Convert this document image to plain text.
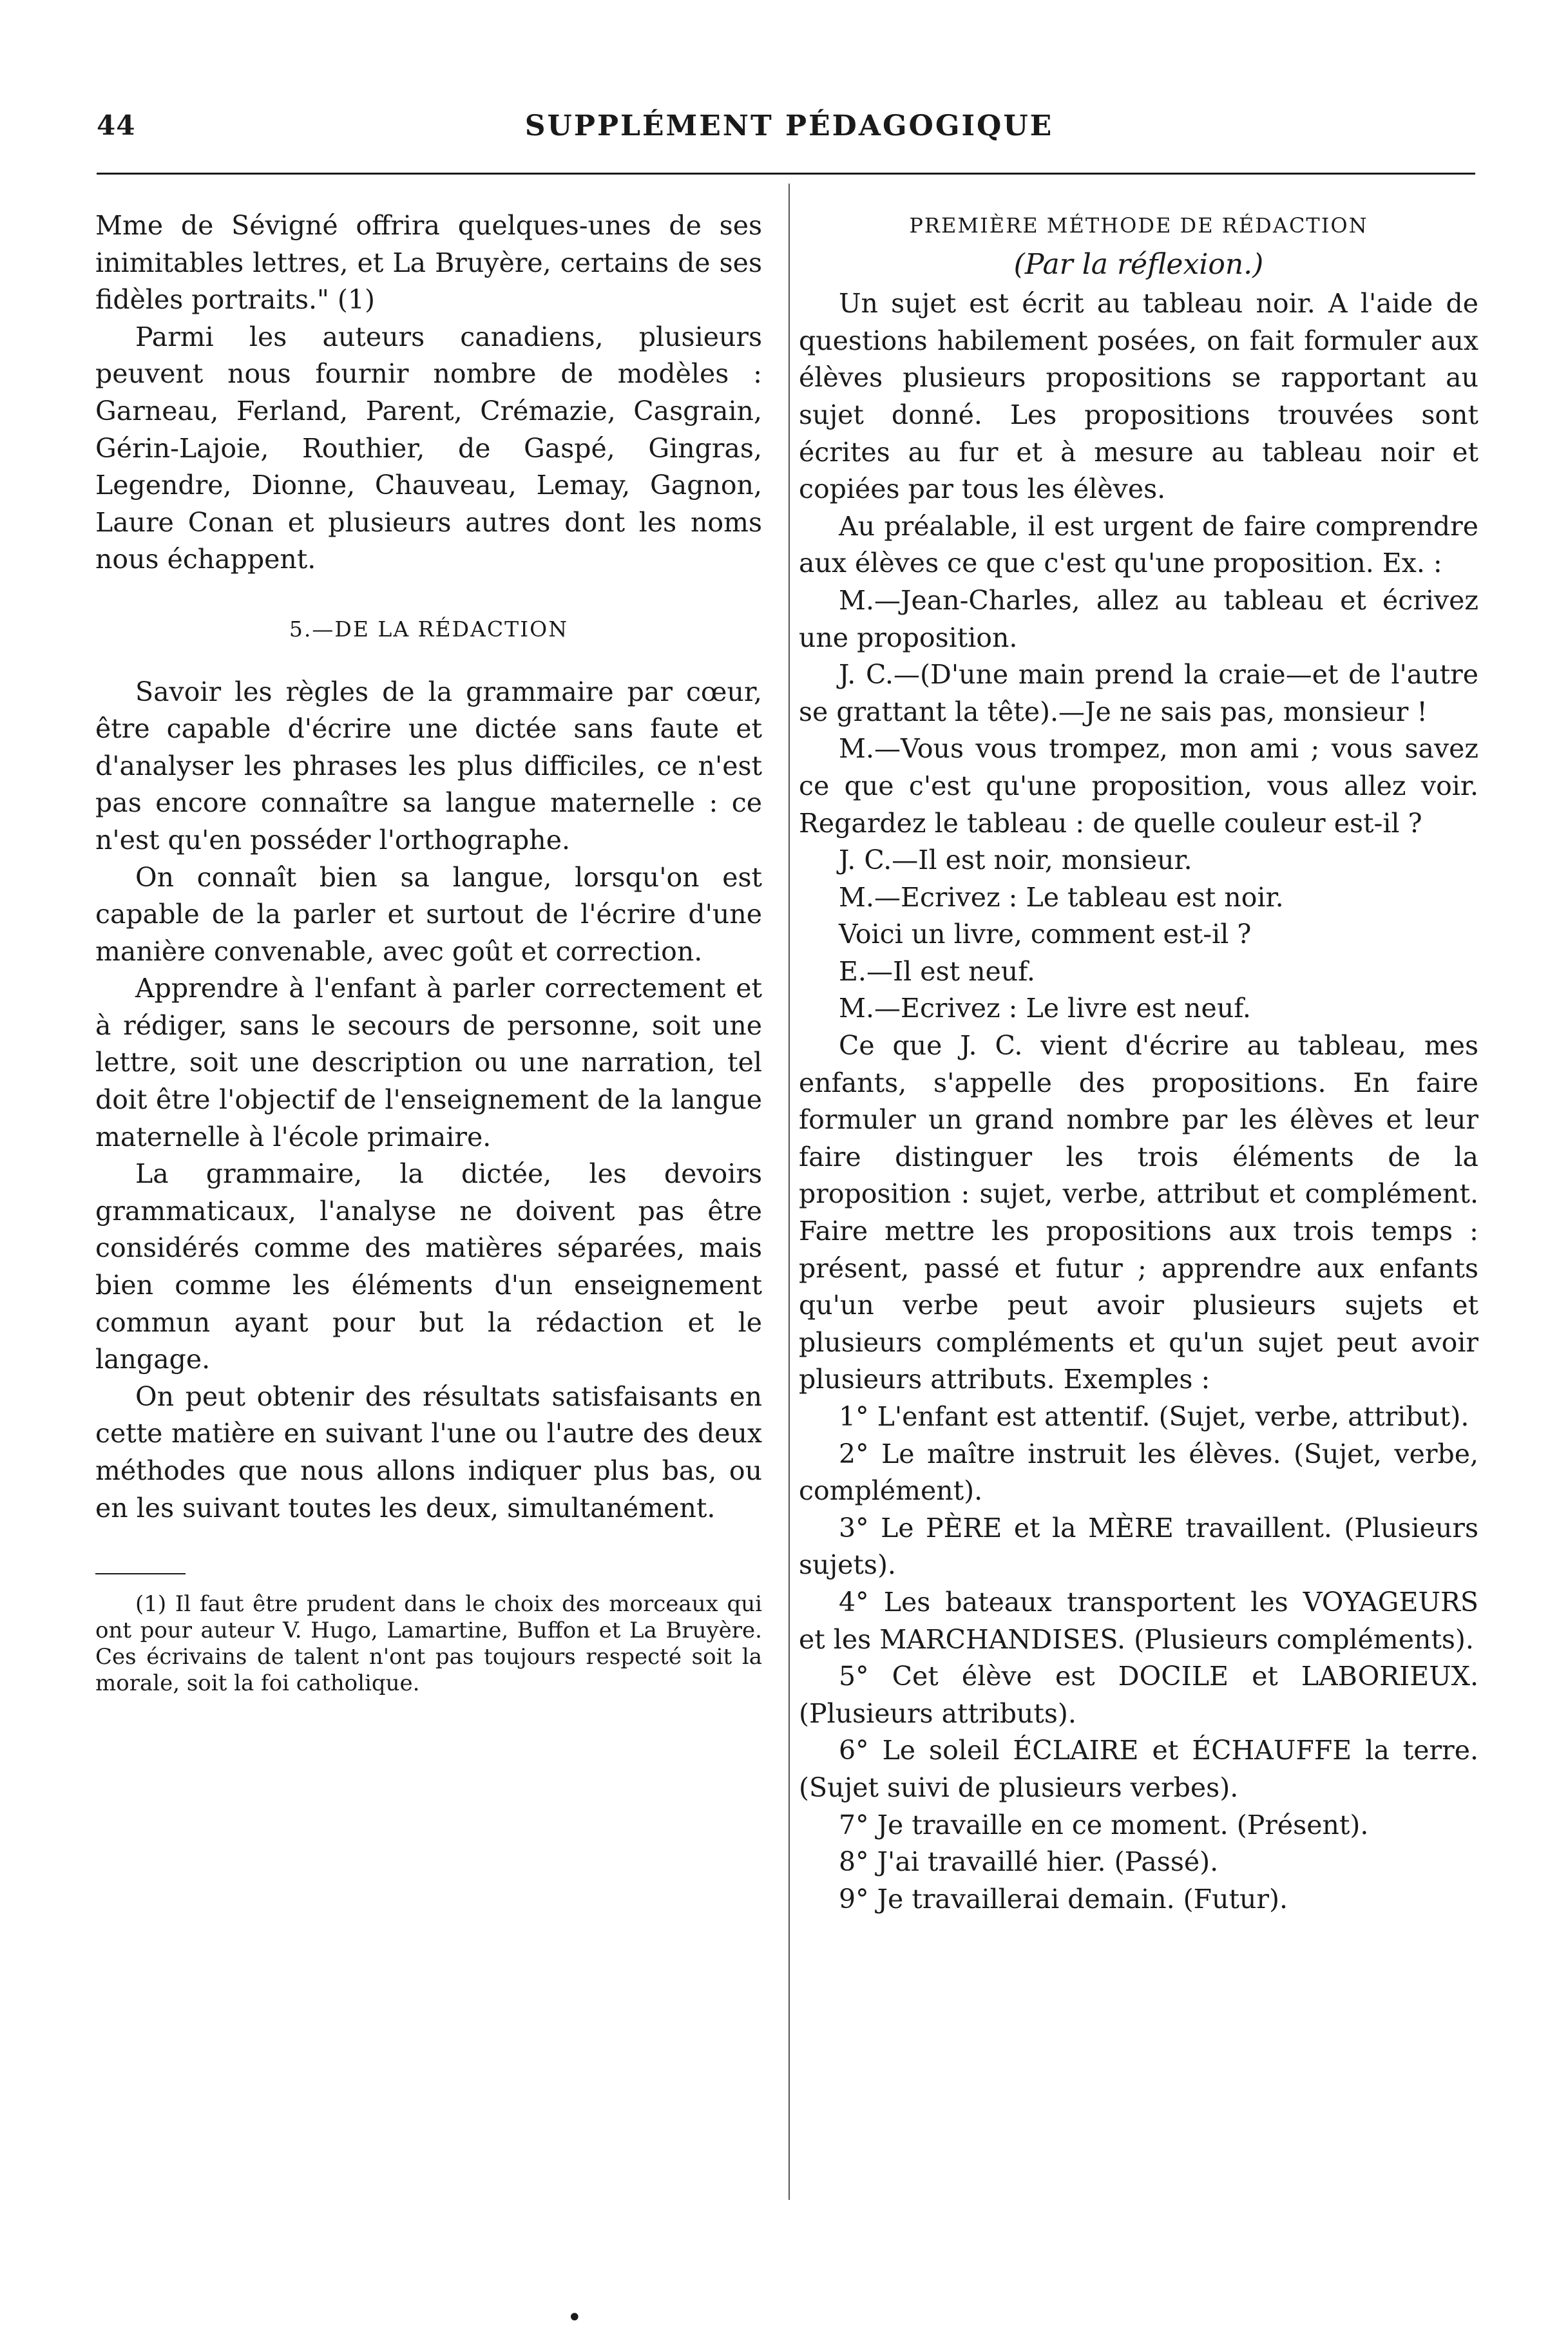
44	SUPPLÉMENT PÉDAGOGIQUE

Mme de Sévigné offrira quelques-unes de ses inimitables lettres, et La Bruyère, certains de ses fidèles portraits." (1)

Parmi les auteurs canadiens, plusieurs peuvent nous fournir nombre de modèles : Garneau, Ferland, Parent, Crémazie, Casgrain, Gérin-Lajoie, Routhier, de Gaspé, Gingras, Legendre, Dionne, Chauveau, Lemay, Gagnon, Laure Conan et plusieurs autres dont les noms nous échappent.

5.—DE LA RÉDACTION

Savoir les règles de la grammaire par cœur, être capable d'écrire une dictée sans faute et d'analyser les phrases les plus difficiles, ce n'est pas encore connaître sa langue maternelle : ce n'est qu'en posséder l'orthographe.

On connaît bien sa langue, lorsqu'on est capable de la parler et surtout de l'écrire d'une manière convenable, avec goût et correction.

Apprendre à l'enfant à parler correctement et à rédiger, sans le secours de personne, soit une lettre, soit une description ou une narration, tel doit être l'objectif de l'enseignement de la langue maternelle à l'école primaire.

La grammaire, la dictée, les devoirs grammaticaux, l'analyse ne doivent pas être considérés comme des matières séparées, mais bien comme les éléments d'un enseignement commun ayant pour but la rédaction et le langage.

On peut obtenir des résultats satisfaisants en cette matière en suivant l'une ou l'autre des deux méthodes que nous allons indiquer plus bas, ou en les suivant toutes les deux, simultanément.

(1) Il faut être prudent dans le choix des morceaux qui ont pour auteur V. Hugo, Lamartine, Buffon et La Bruyère. Ces écrivains de talent n'ont pas toujours respecté soit la morale, soit la foi catholique.

PREMIÈRE MÉTHODE DE RÉDACTION
(Par la réflexion.)

Un sujet est écrit au tableau noir. A l'aide de questions habilement posées, on fait formuler aux élèves plusieurs propositions se rapportant au sujet donné. Les propositions trouvées sont écrites au fur et à mesure au tableau noir et copiées par tous les élèves.

Au préalable, il est urgent de faire comprendre aux élèves ce que c'est qu'une proposition. Ex. :

M.—Jean-Charles, allez au tableau et écrivez une proposition.

J. C.—(D'une main prend la craie—et de l'autre se grattant la tête).—Je ne sais pas, monsieur !

M.—Vous vous trompez, mon ami ; vous savez ce que c'est qu'une proposition, vous allez voir. Regardez le tableau : de quelle couleur est-il ?

J. C.—Il est noir, monsieur.

M.—Ecrivez : Le tableau est noir.

Voici un livre, comment est-il ?

E.—Il est neuf.

M.—Ecrivez : Le livre est neuf.

Ce que J. C. vient d'écrire au tableau, mes enfants, s'appelle des propositions. En faire formuler un grand nombre par les élèves et leur faire distinguer les trois éléments de la proposition : sujet, verbe, attribut et complément. Faire mettre les propositions aux trois temps : présent, passé et futur ; apprendre aux enfants qu'un verbe peut avoir plusieurs sujets et plusieurs compléments et qu'un sujet peut avoir plusieurs attributs. Exemples :

1° L'enfant est attentif. (Sujet, verbe, attribut).

2° Le maître instruit les élèves. (Sujet, verbe, complément).

3° Le PÈRE et la MÈRE travaillent. (Plusieurs sujets).

4° Les bateaux transportent les VOYAGEURS et les MARCHANDISES. (Plusieurs compléments).

5° Cet élève est DOCILE et LABORIEUX. (Plusieurs attributs).

6° Le soleil ÉCLAIRE et ÉCHAUFFE la terre. (Sujet suivi de plusieurs verbes).

7° Je travaille en ce moment. (Présent).

8° J'ai travaillé hier. (Passé).

9° Je travaillerai demain. (Futur).

•
